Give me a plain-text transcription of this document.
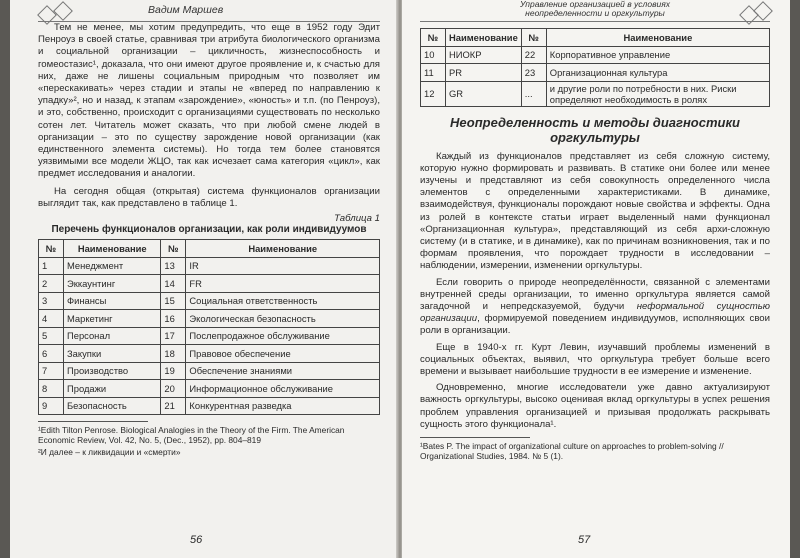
Вадим Маршев

Тем не менее, мы хотим предупредить, что еще в 1952 году Эдит Пенроуз в своей статье, сравнивая три атрибута биологического организма и социальной организации – цикличность, жизнеспособность и гомеостазис¹, доказала, что они имеют другое проявление и, к счастью для них, даже не лишены социальным природным что позволяет им «перескакивать» через стадии и этапы не «вперед по направлению к упадку»², но и назад, к этапам «зарождение», «юность» и т.п. (по Пенроуз), и это, собственно, происходит с организациями существовать по несколько сотен лет. Читатель может сказать, что при любой смене людей в организации – это по существу зарождение новой организации (как единственного элемента системы). Но тогда тем более становятся уязвимыми все модели ЖЦО, так как исчезает сама категория «цикл», как предмет исследования и аналогии.

На сегодня общая (открытая) система функционалов организации выглядит так, как представлено в таблице 1.

Таблица 1
Перечень функционалов организации, как роли индивидуумов
№	Наименование	№	Наименование
1	Менеджмент	13	IR
2	Эккаунтинг	14	FR
3	Финансы	15	Социальная ответственность
4	Маркетинг	16	Экологическая безопасность
5	Персонал	17	Послепродажное обслуживание
6	Закупки	18	Правовое обеспечение
7	Производство	19	Обеспечение знаниями
8	Продажи	20	Информационное обслуживание
9	Безопасность	21	Конкурентная разведка
¹Edith Tilton Penrose. Biological Analogies in the Theory of the Firm. The American Economic Review, Vol. 42, No. 5, (Dec., 1952), pp. 804–819
²И далее – к ликвидации и «смерти»
56
Управление организацией в условиях
неопределенности и оргкультуры
№	Наименование	№	Наименование
10	НИОКР	22	Корпоративное управление
11	PR	23	Организационная культура
12	GR	...	и другие роли по потребности в них. Риски определяют необходимость в ролях
Неопределенность и методы диагностики оргкультуры

Каждый из функционалов представляет из себя сложную систему, которую нужно формировать и развивать. В статике они более или менее изучены и представляют из себя совокупность определенного числа элементов с определенными характеристиками. В динамике, взаимодействуя, функционалы порождают новые свойства и эффекты. Одна из ролей в контексте статьи играет выделенный нами функционал «Организационная культура», представляющий из себя архи-сложную систему (и в статике, и в динамике), как по причинам возникновения, так и по формам проявления, что порождает трудности в исследовании – наблюдении, измерении, изменении оргкультуры.

Если говорить о природе неопределённости, связанной с элементами внутренней среды организации, то именно оргкультура является самой загадочной и непредсказуемой, будучи неформальной сущностью организации, формируемой поведением индивидуумов, исполняющих свои роли в организации.

Еще в 1940-х гг. Курт Левин, изучавший проблемы изменений в социальных объектах, выявил, что оргкультура требует больше всего времени и вызывает наибольшие трудности в ее измерение и изменение.

Одновременно, многие исследователи уже давно актуализируют важность оргкультуры, высоко оценивая вклад оргкультуры в успех решения проблем управления организацией и призывая продолжать раскрывать сущность этого функционала¹.

¹Bates P. The impact of organizational culture on approaches to problem-solving // Organizational Studies, 1984. № 5 (1).
57
